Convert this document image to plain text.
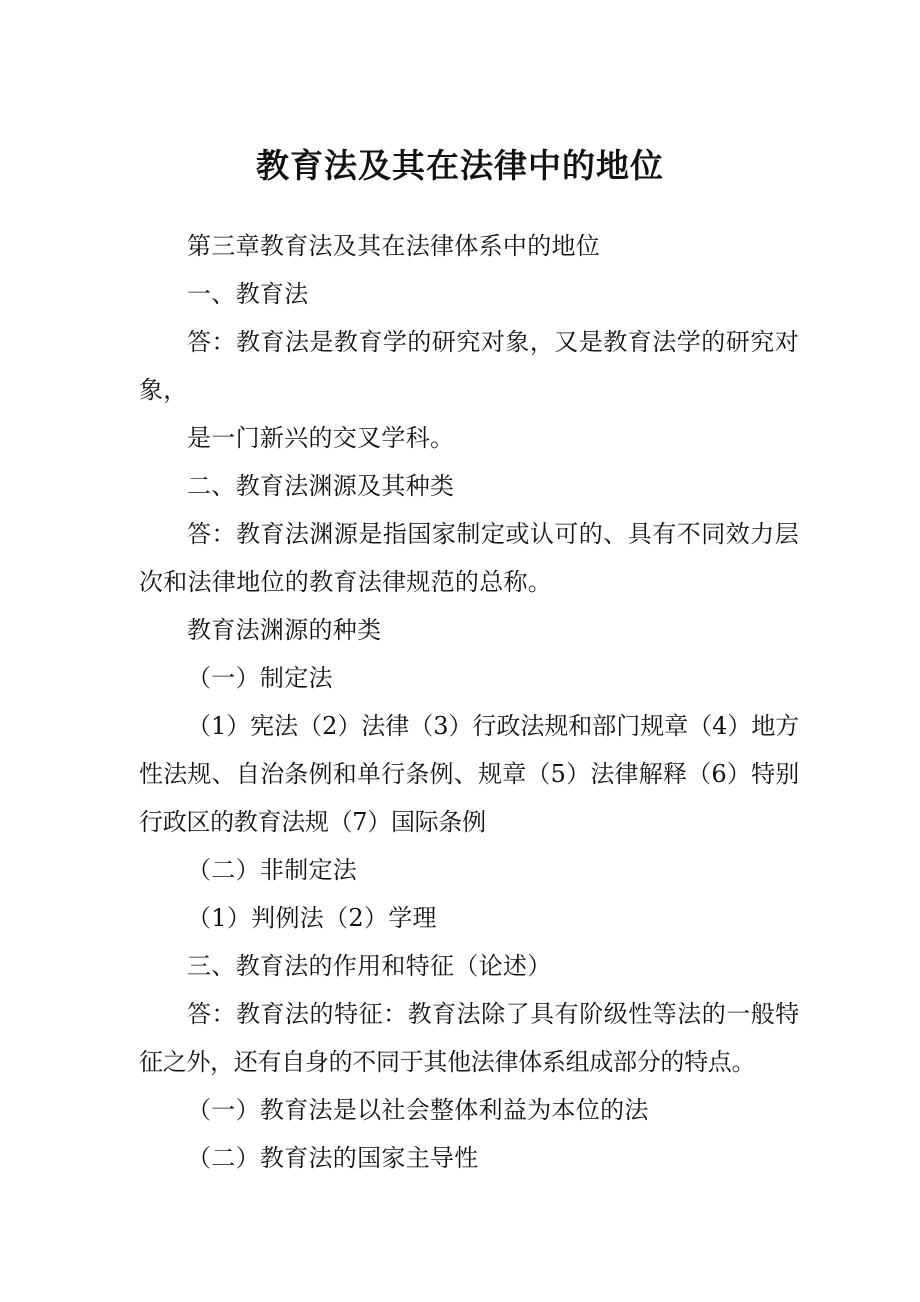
教育法及其在法律中的地位

第三章教育法及其在法律体系中的地位

一、教育法

答：教育法是教育学的研究对象，又是教育法学的研究对象，

是一门新兴的交叉学科。

二、教育法渊源及其种类

答：教育法渊源是指国家制定或认可的、具有不同效力层次和法律地位的教育法律规范的总称。

教育法渊源的种类

（一）制定法

（1）宪法（2）法律（3）行政法规和部门规章（4）地方性法规、自治条例和单行条例、规章（5）法律解释（6）特别行政区的教育法规（7）国际条例

（二）非制定法

（1）判例法（2）学理

三、教育法的作用和特征（论述）

答：教育法的特征：教育法除了具有阶级性等法的一般特征之外，还有自身的不同于其他法律体系组成部分的特点。

（一）教育法是以社会整体利益为本位的法

（二）教育法的国家主导性
